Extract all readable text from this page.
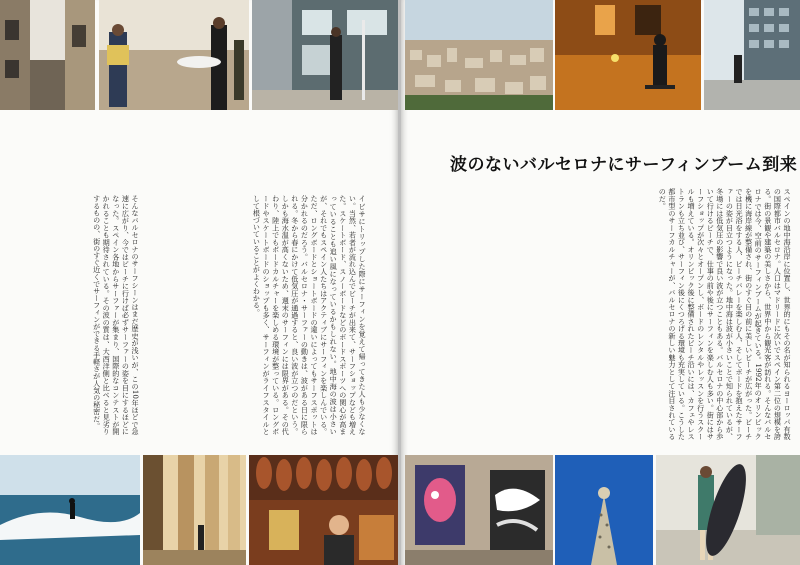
イビサにトリップした際にサーフィンを覚えて帰ってきた人も少なくない。当然、若者が流れ込んでビーチが出来て、サーフショップなども増えた。スケートボード、スノーボードなどのボードスポーツへの関心が高まっていることも追い風になっているかもしれない。地中海の波は小さいが、それでもスペイン人たちはアクティブにサーフィンを楽しんでいる。ただ、ロングボードとショートボードの違いによってもサーフスポットは分かれるのだろう。バルセロナ・サーファーの動きは、波がある日に限られる。冬から春にかけて低気圧が通過すると、良い波が立つのだという。しかも海水温が高くないため、週末のサーフィンには限界がある。その代わり、陸上でもボードカルチャーを楽しめる環境が整っている。ロングボードやスケートボードのショップも多く、サーフィンがライフスタイルとして根づいていることがよくわかる。
そんなバルセロナのサーフシーンはまだ歴史が浅いが、この10年ほどで急速に広がり、今ではビーチに行けば必ずサーファーの姿を目にするほどになった。スペイン各地からサーファーが集まり、国際的なコンテストが開かれることも期待されている。その波の質は、大西洋側と比べると見劣りするものの、街のすぐ近くでサーフィンができる手軽さが人気の秘密だ。
波のないバルセロナにサーフィンブーム到来
スペインの地中海沿岸に位置し、世界的にもその名が知られるヨーロッパ有数の国際都市バルセロナ。人口はマドリードに次いでスペイン第二位の規模を誇る。街の景観や建築の美しさから、世界中から観光客が訪れる。そんなバルセロナでは今、空前のサーフィンブームが起きている。1992年のオリンピックを機に海岸線が整備され、街のすぐ目の前に美しいビーチが広がった。ビーチでは日光浴をする人、ビーチバレーを楽しむ人、そしてボードを抱えたサーファーの姿が目立つようになった。地中海は波が小さいことで知られているが、冬場には低気圧の影響で良い波が立つこともある。バルセロナの中心部から歩いて行けるビーチで、仕事の前や後にサーフィンを楽しむ人も多い。街にはサーフショップが次々とオープンし、ボードのレンタルやレッスンを行うスクールも増えている。オリンピック後に整備されたビーチ沿いには、カフェやレストランも立ち並び、サーフィン後にくつろげる環境も充実している。こうした都市型のサーフカルチャーが、バルセロナの新しい魅力として注目されているのだ。
